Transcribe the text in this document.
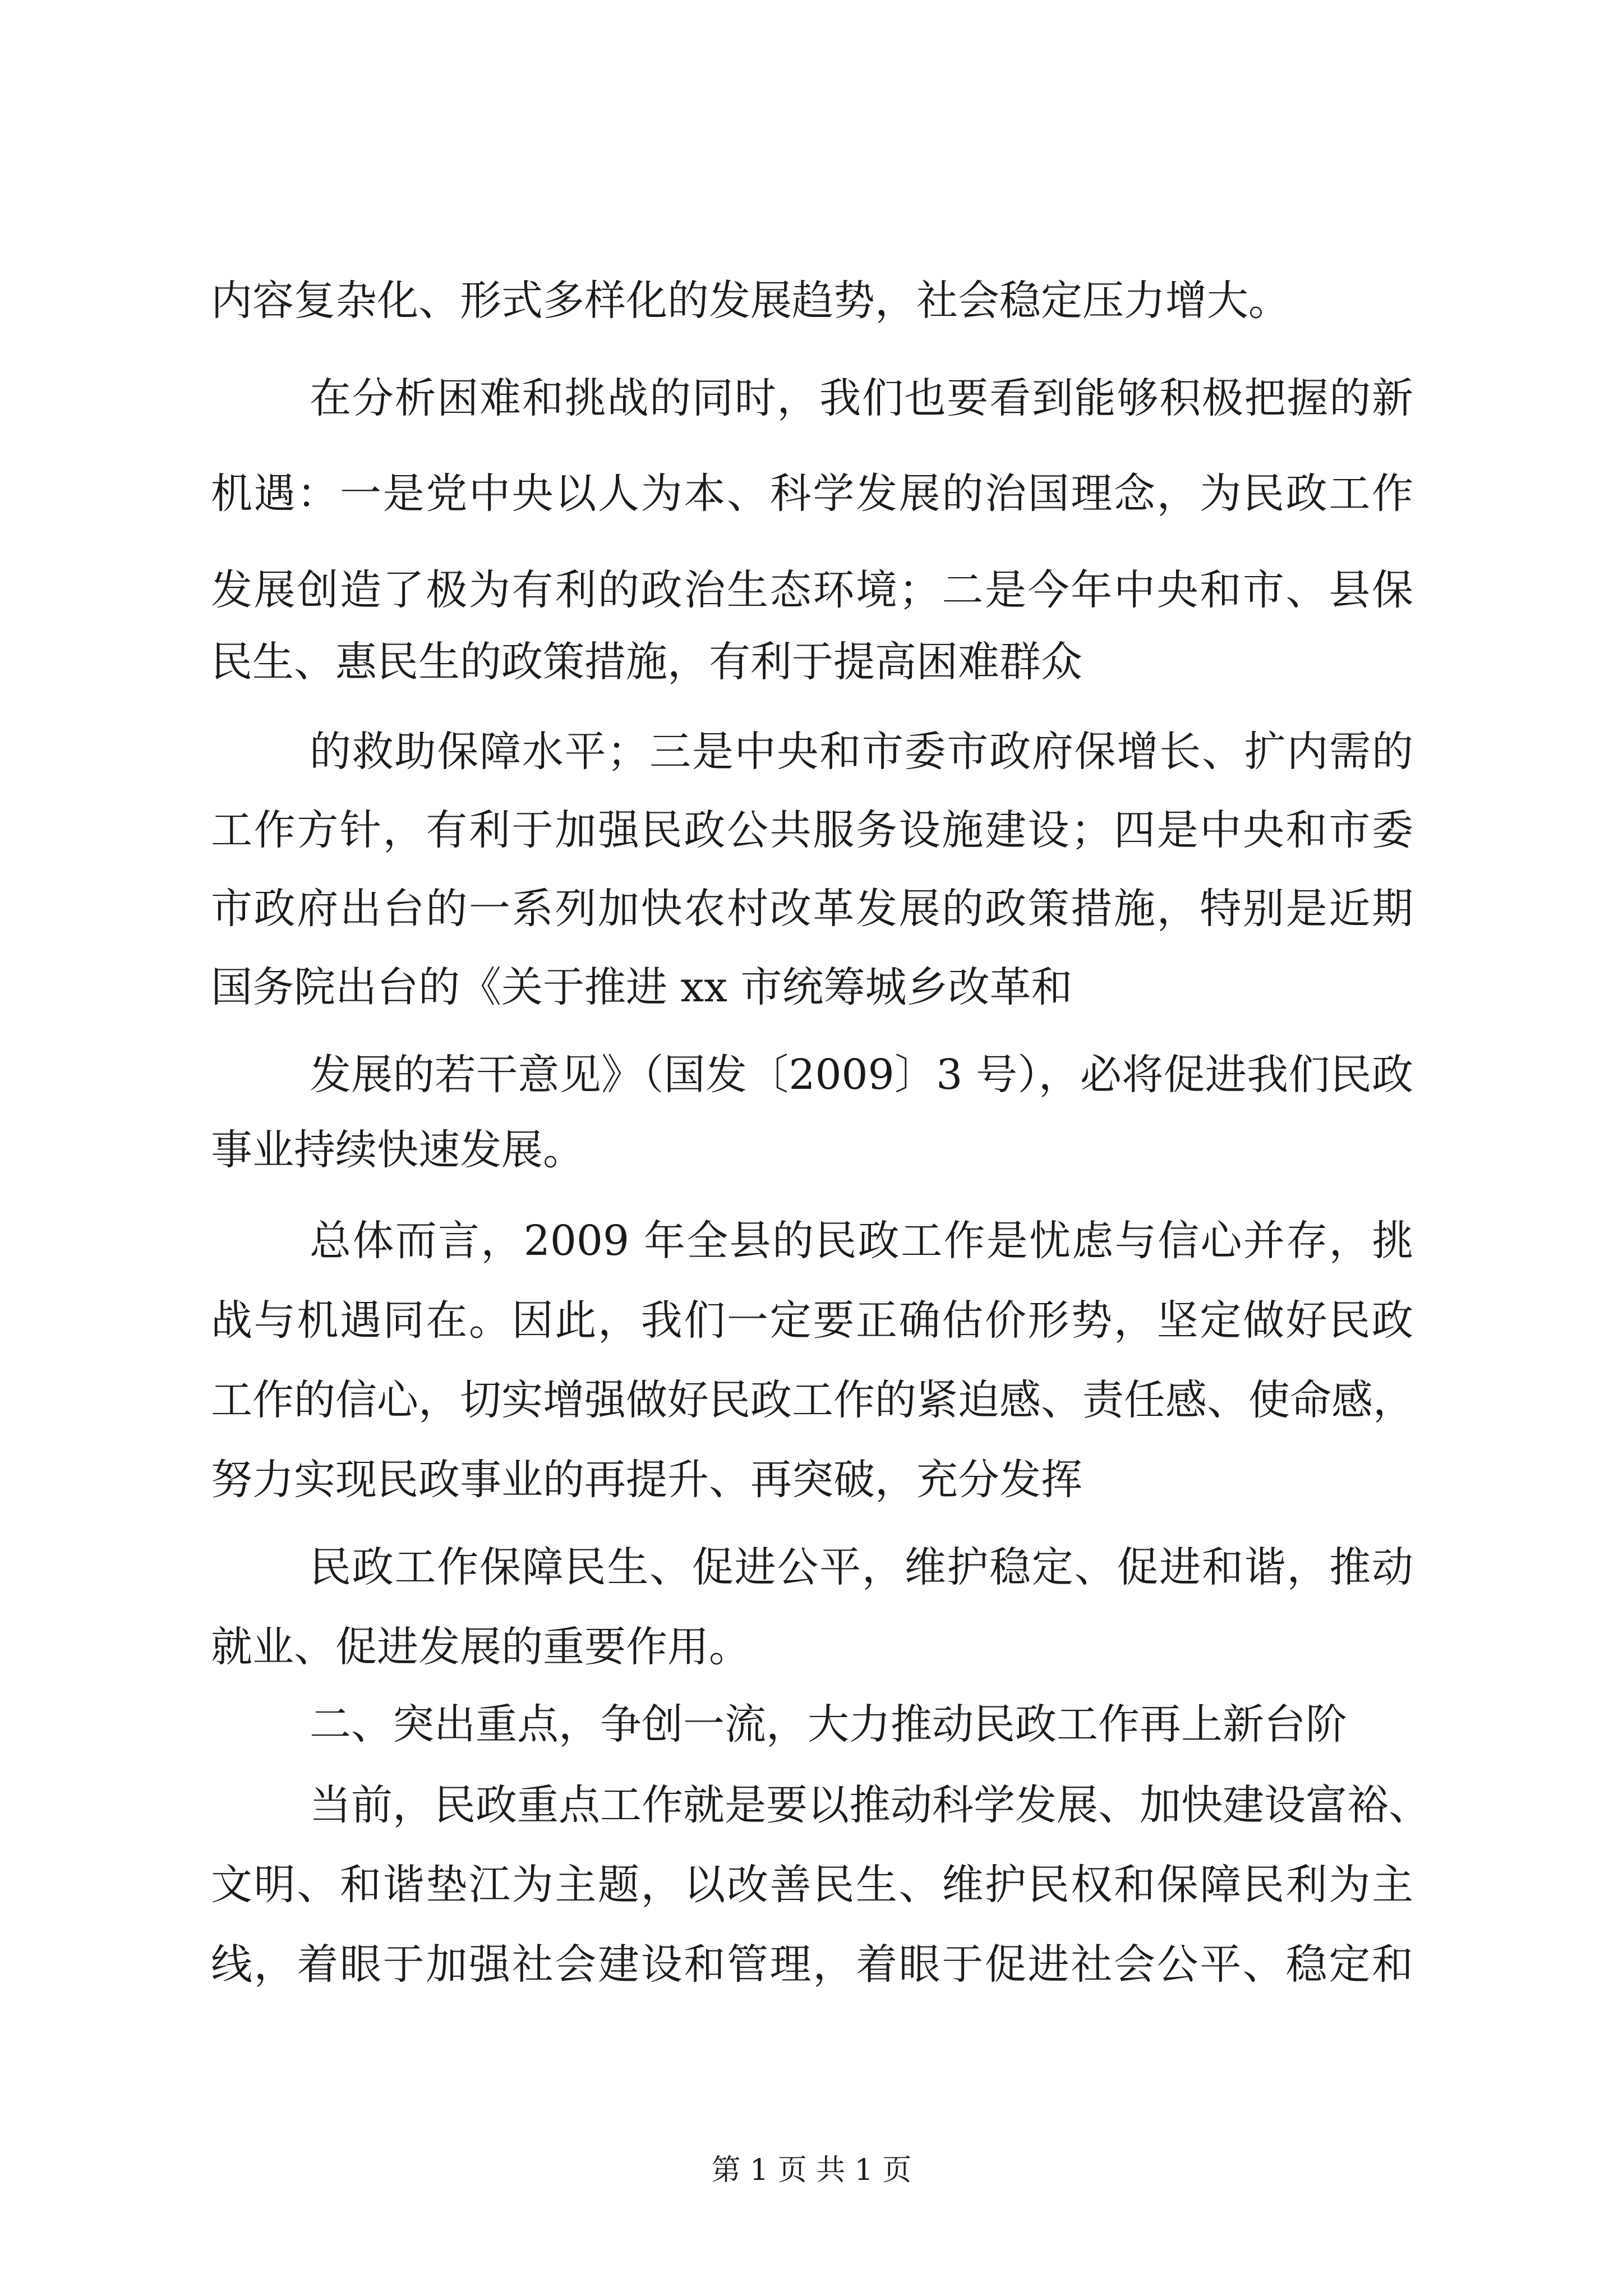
内容复杂化、形式多样化的发展趋势，社会稳定压力增大。
在分析困难和挑战的同时，我们也要看到能够积极把握的新
机遇：一是党中央以人为本、科学发展的治国理念，为民政工作
发展创造了极为有利的政治生态环境；二是今年中央和市、县保
民生、惠民生的政策措施，有利于提高困难群众
的救助保障水平；三是中央和市委市政府保增长、扩内需的
工作方针，有利于加强民政公共服务设施建设；四是中央和市委
市政府出台的一系列加快农村改革发展的政策措施，特别是近期
国务院出台的《关于推进 xx 市统筹城乡改革和
发展的若干意见》（国发〔2009〕3 号），必将促进我们民政
事业持续快速发展。
总体而言，2009 年全县的民政工作是忧虑与信心并存，挑
战与机遇同在。因此，我们一定要正确估价形势，坚定做好民政
工作的信心，切实增强做好民政工作的紧迫感、责任感、使命感，
努力实现民政事业的再提升、再突破，充分发挥
民政工作保障民生、促进公平，维护稳定、促进和谐，推动
就业、促进发展的重要作用。
二、突出重点，争创一流，大力推动民政工作再上新台阶
当前，民政重点工作就是要以推动科学发展、加快建设富裕、
文明、和谐垫江为主题，以改善民生、维护民权和保障民利为主
线，着眼于加强社会建设和管理，着眼于促进社会公平、稳定和
第 1 页 共 1 页
